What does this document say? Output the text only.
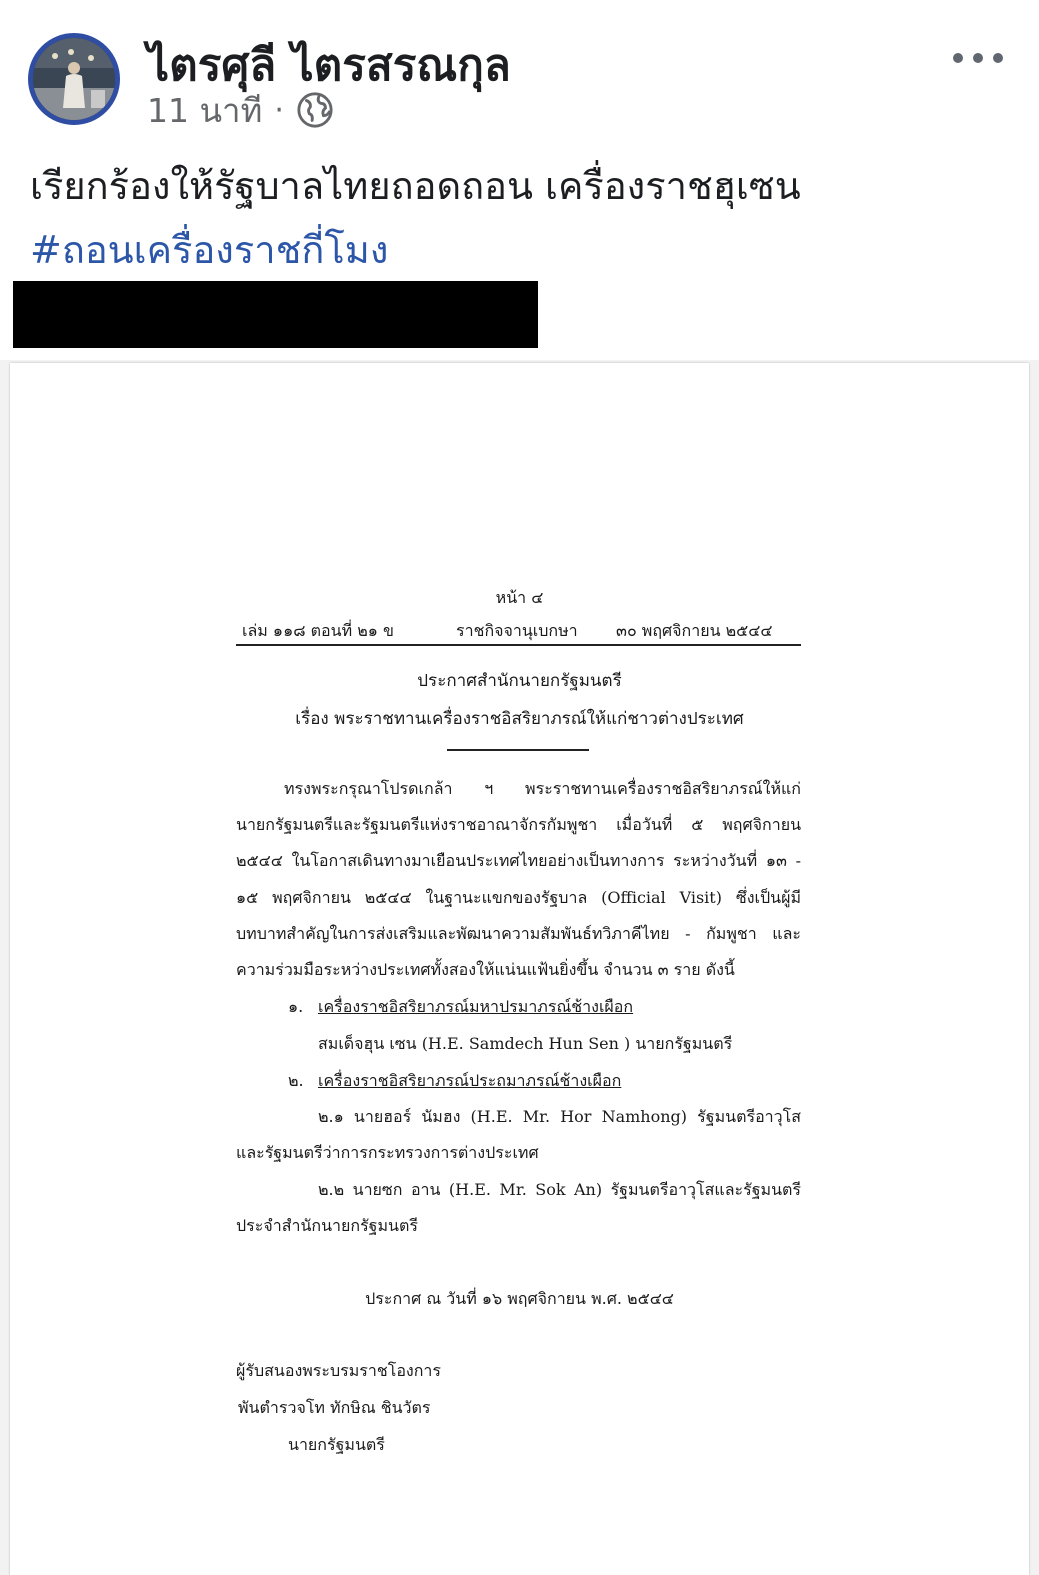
ไตรศุลี ไตรสรณกุล
11 นาที ·
เรียกร้องให้รัฐบาลไทยถอดถอน เครื่องราชฮุเซน
#ถอนเครื่องราชกี่โมง
หน้า ๔
เล่ม ๑๑๘ ตอนที่ ๒๑ ข	ราชกิจจานุเบกษา ๓๐ พฤศจิกายน ๒๕๔๔
ประกาศสำนักนายกรัฐมนตรี
เรื่อง พระราชทานเครื่องราชอิสริยาภรณ์ให้แก่ชาวต่างประเทศ
ทรงพระกรุณาโปรดเกล้า ฯ พระราชทานเครื่องราชอิสริยาภรณ์ให้แก่
นายกรัฐมนตรีและรัฐมนตรีแห่งราชอาณาจักรกัมพูชา เมื่อวันที่ ๕ พฤศจิกายน
๒๕๔๔ ในโอกาสเดินทางมาเยือนประเทศไทยอย่างเป็นทางการ ระหว่างวันที่ ๑๓ -
๑๕ พฤศจิกายน ๒๕๔๔ ในฐานะแขกของรัฐบาล (Official Visit) ซึ่งเป็นผู้มี
บทบาทสำคัญในการส่งเสริมและพัฒนาความสัมพันธ์ทวิภาคีไทย - กัมพูชา และ
ความร่วมมือระหว่างประเทศทั้งสองให้แน่นแฟ้นยิ่งขึ้น จำนวน ๓ ราย ดังนี้
๑. เครื่องราชอิสริยาภรณ์มหาปรมาภรณ์ช้างเผือก
สมเด็จฮุน เซน (H.E. Samdech Hun Sen ) นายกรัฐมนตรี
๒. เครื่องราชอิสริยาภรณ์ประถมาภรณ์ช้างเผือก
๒.๑ นายฮอร์ นัมฮง (H.E. Mr. Hor Namhong) รัฐมนตรีอาวุโส
และรัฐมนตรีว่าการกระทรวงการต่างประเทศ
๒.๒ นายซก อาน (H.E. Mr. Sok An) รัฐมนตรีอาวุโสและรัฐมนตรี
ประจำสำนักนายกรัฐมนตรี
ประกาศ ณ วันที่ ๑๖ พฤศจิกายน พ.ศ. ๒๕๔๔
ผู้รับสนองพระบรมราชโองการ
พันตำรวจโท ทักษิณ ชินวัตร
นายกรัฐมนตรี
